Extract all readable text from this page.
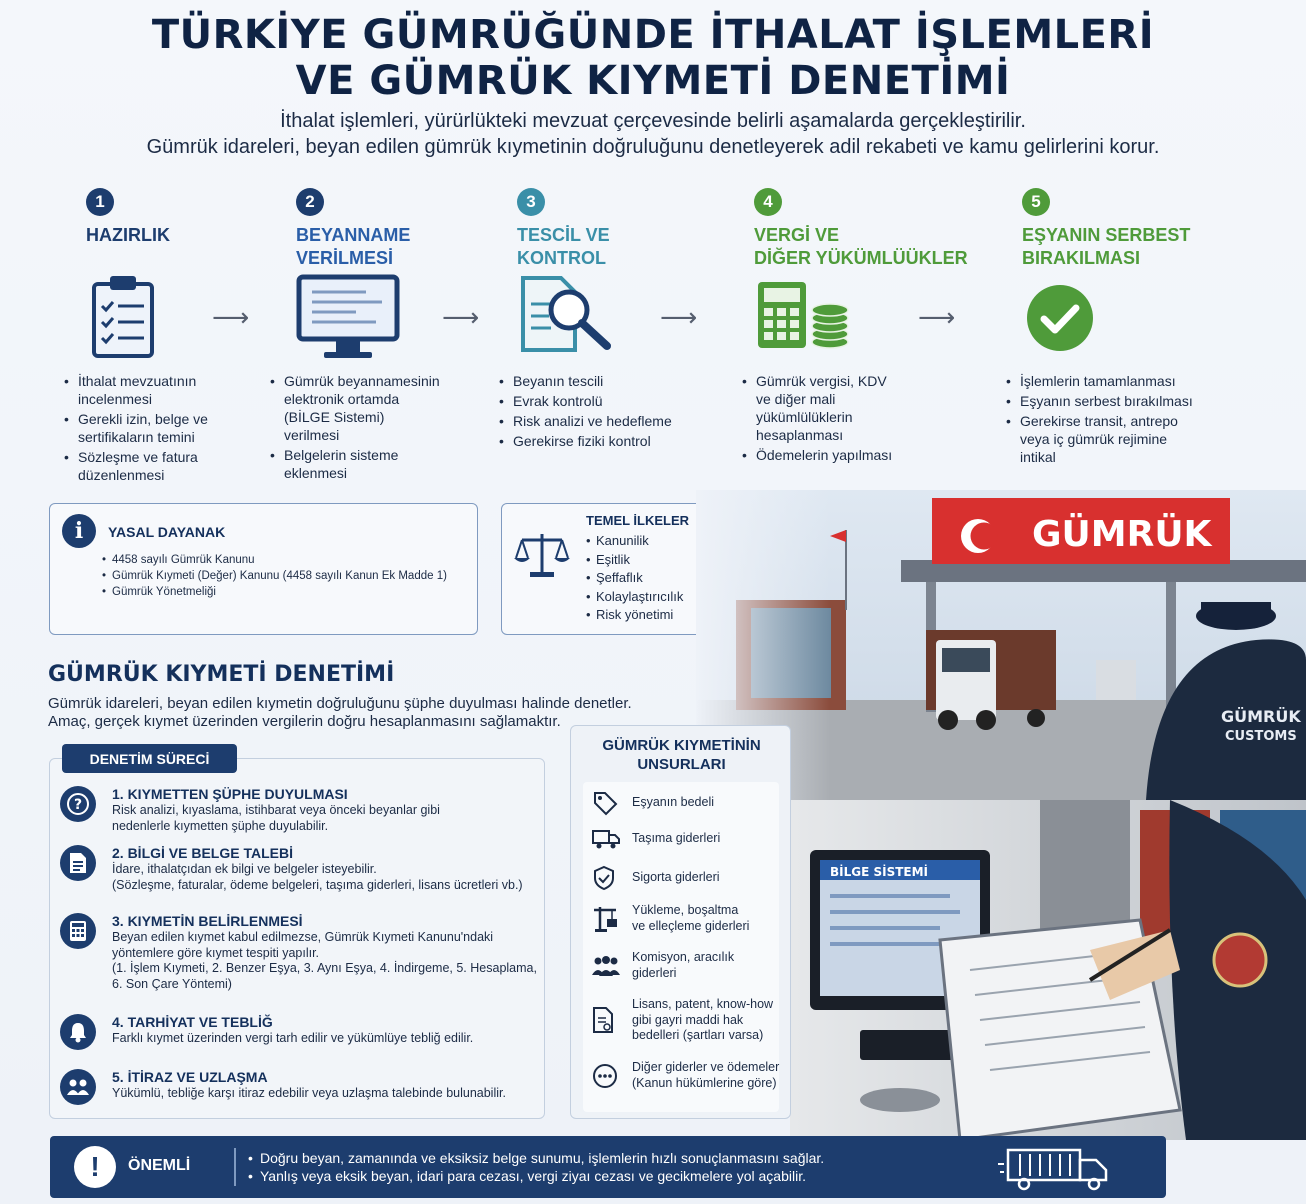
TÜRKİYE GÜMRÜĞÜNDE İTHALAT İŞLEMLERİ
VE GÜMRÜK KIYMETİ DENETİMİ
İthalat işlemleri, yürürlükteki mevzuat çerçevesinde belirli aşamalarda gerçekleştirilir.
Gümrük idareleri, beyan edilen gümrük kıymetinin doğruluğunu denetleyerek adil rekabeti ve kamu gelirlerini korur.
1
HAZIRLIK
• İthalat mevzuatının incelenmesi
• Gerekli izin, belge ve sertifikaların temini
• Sözleşme ve fatura düzenlenmesi
⟶
2
BEYANNAME
VERİLMESİ
• Gümrük beyannamesinin elektronik ortamda (BİLGE Sistemi) verilmesi
• Belgelerin sisteme eklenmesi
⟶
3
TESCİL VE
KONTROL
• Beyanın tescili
• Evrak kontrolü
• Risk analizi ve hedefleme
• Gerekirse fiziki kontrol
⟶
4
VERGİ VE
DİĞER YÜKÜMLÜÜKLER
• Gümrük vergisi, KDV ve diğer mali yükümlülüklerin hesaplanması
• Ödemelerin yapılması
⟶
5
EŞYANIN SERBEST
BIRAKILMASI
• İşlemlerin tamamlanması
• Eşyanın serbest bırakılması
• Gerekirse transit, antrepo veya iç gümrük rejimine intikal
i	YASAL DAYANAK
• 4458 sayılı Gümrük Kanunu
• Gümrük Kıymeti (Değer) Kanunu (4458 sayılı Kanun Ek Madde 1)
• Gümrük Yönetmeliği
TEMEL İLKELER
• Kanunilik
• Eşitlik
• Şeffaflık
• Kolaylaştırıcılık
• Risk yönetimi
GÜMRÜK
CUSTOMS
BİLGE SİSTEMİ
GÜMRÜK KIYMETİ DENETİMİ
Gümrük idareleri, beyan edilen kıymetin doğruluğunu şüphe duyulması halinde denetler.
Amaç, gerçek kıymet üzerinden vergilerin doğru hesaplanmasını sağlamaktır.
DENETİM SÜRECİ
?
1. KIYMETTEN ŞÜPHE DUYULMASI
Risk analizi, kıyaslama, istihbarat veya önceki beyanlar gibi
nedenlerle kıymetten şüphe duyulabilir.
2. BİLGİ VE BELGE TALEBİ
İdare, ithalatçıdan ek bilgi ve belgeler isteyebilir.
(Sözleşme, faturalar, ödeme belgeleri, taşıma giderleri, lisans ücretleri vb.)
3. KIYMETİN BELİRLENMESİ
Beyan edilen kıymet kabul edilmezse, Gümrük Kıymeti Kanunu'ndaki
yöntemlere göre kıymet tespiti yapılır.
(1. İşlem Kıymeti, 2. Benzer Eşya, 3. Aynı Eşya, 4. İndirgeme, 5. Hesaplama,
6. Son Çare Yöntemi)
4. TARHİYAT VE TEBLİĞ
Farklı kıymet üzerinden vergi tarh edilir ve yükümlüye tebliğ edilir.
5. İTİRAZ VE UZLAŞMA
Yükümlü, tebliğe karşı itiraz edebilir veya uzlaşma talebinde bulunabilir.
GÜMRÜK KIYMETİNİN
UNSURLARI
Eşyanın bedeli
Taşıma giderleri
Sigorta giderleri
Yükleme, boşaltma
ve elleçleme giderleri
Komisyon, aracılık
giderleri
Lisans, patent, know-how
gibi gayri maddi hak
bedelleri (şartları varsa)
Diğer giderler ve ödemeler
(Kanun hükümlerine göre)
!	ÖNEMLİ
•	Doğru beyan, zamanında ve eksiksiz belge sunumu, işlemlerin hızlı sonuçlanmasını sağlar.
• Yanlış veya eksik beyan, idari para cezası, vergi ziyaı cezası ve gecikmelere yol açabilir.
